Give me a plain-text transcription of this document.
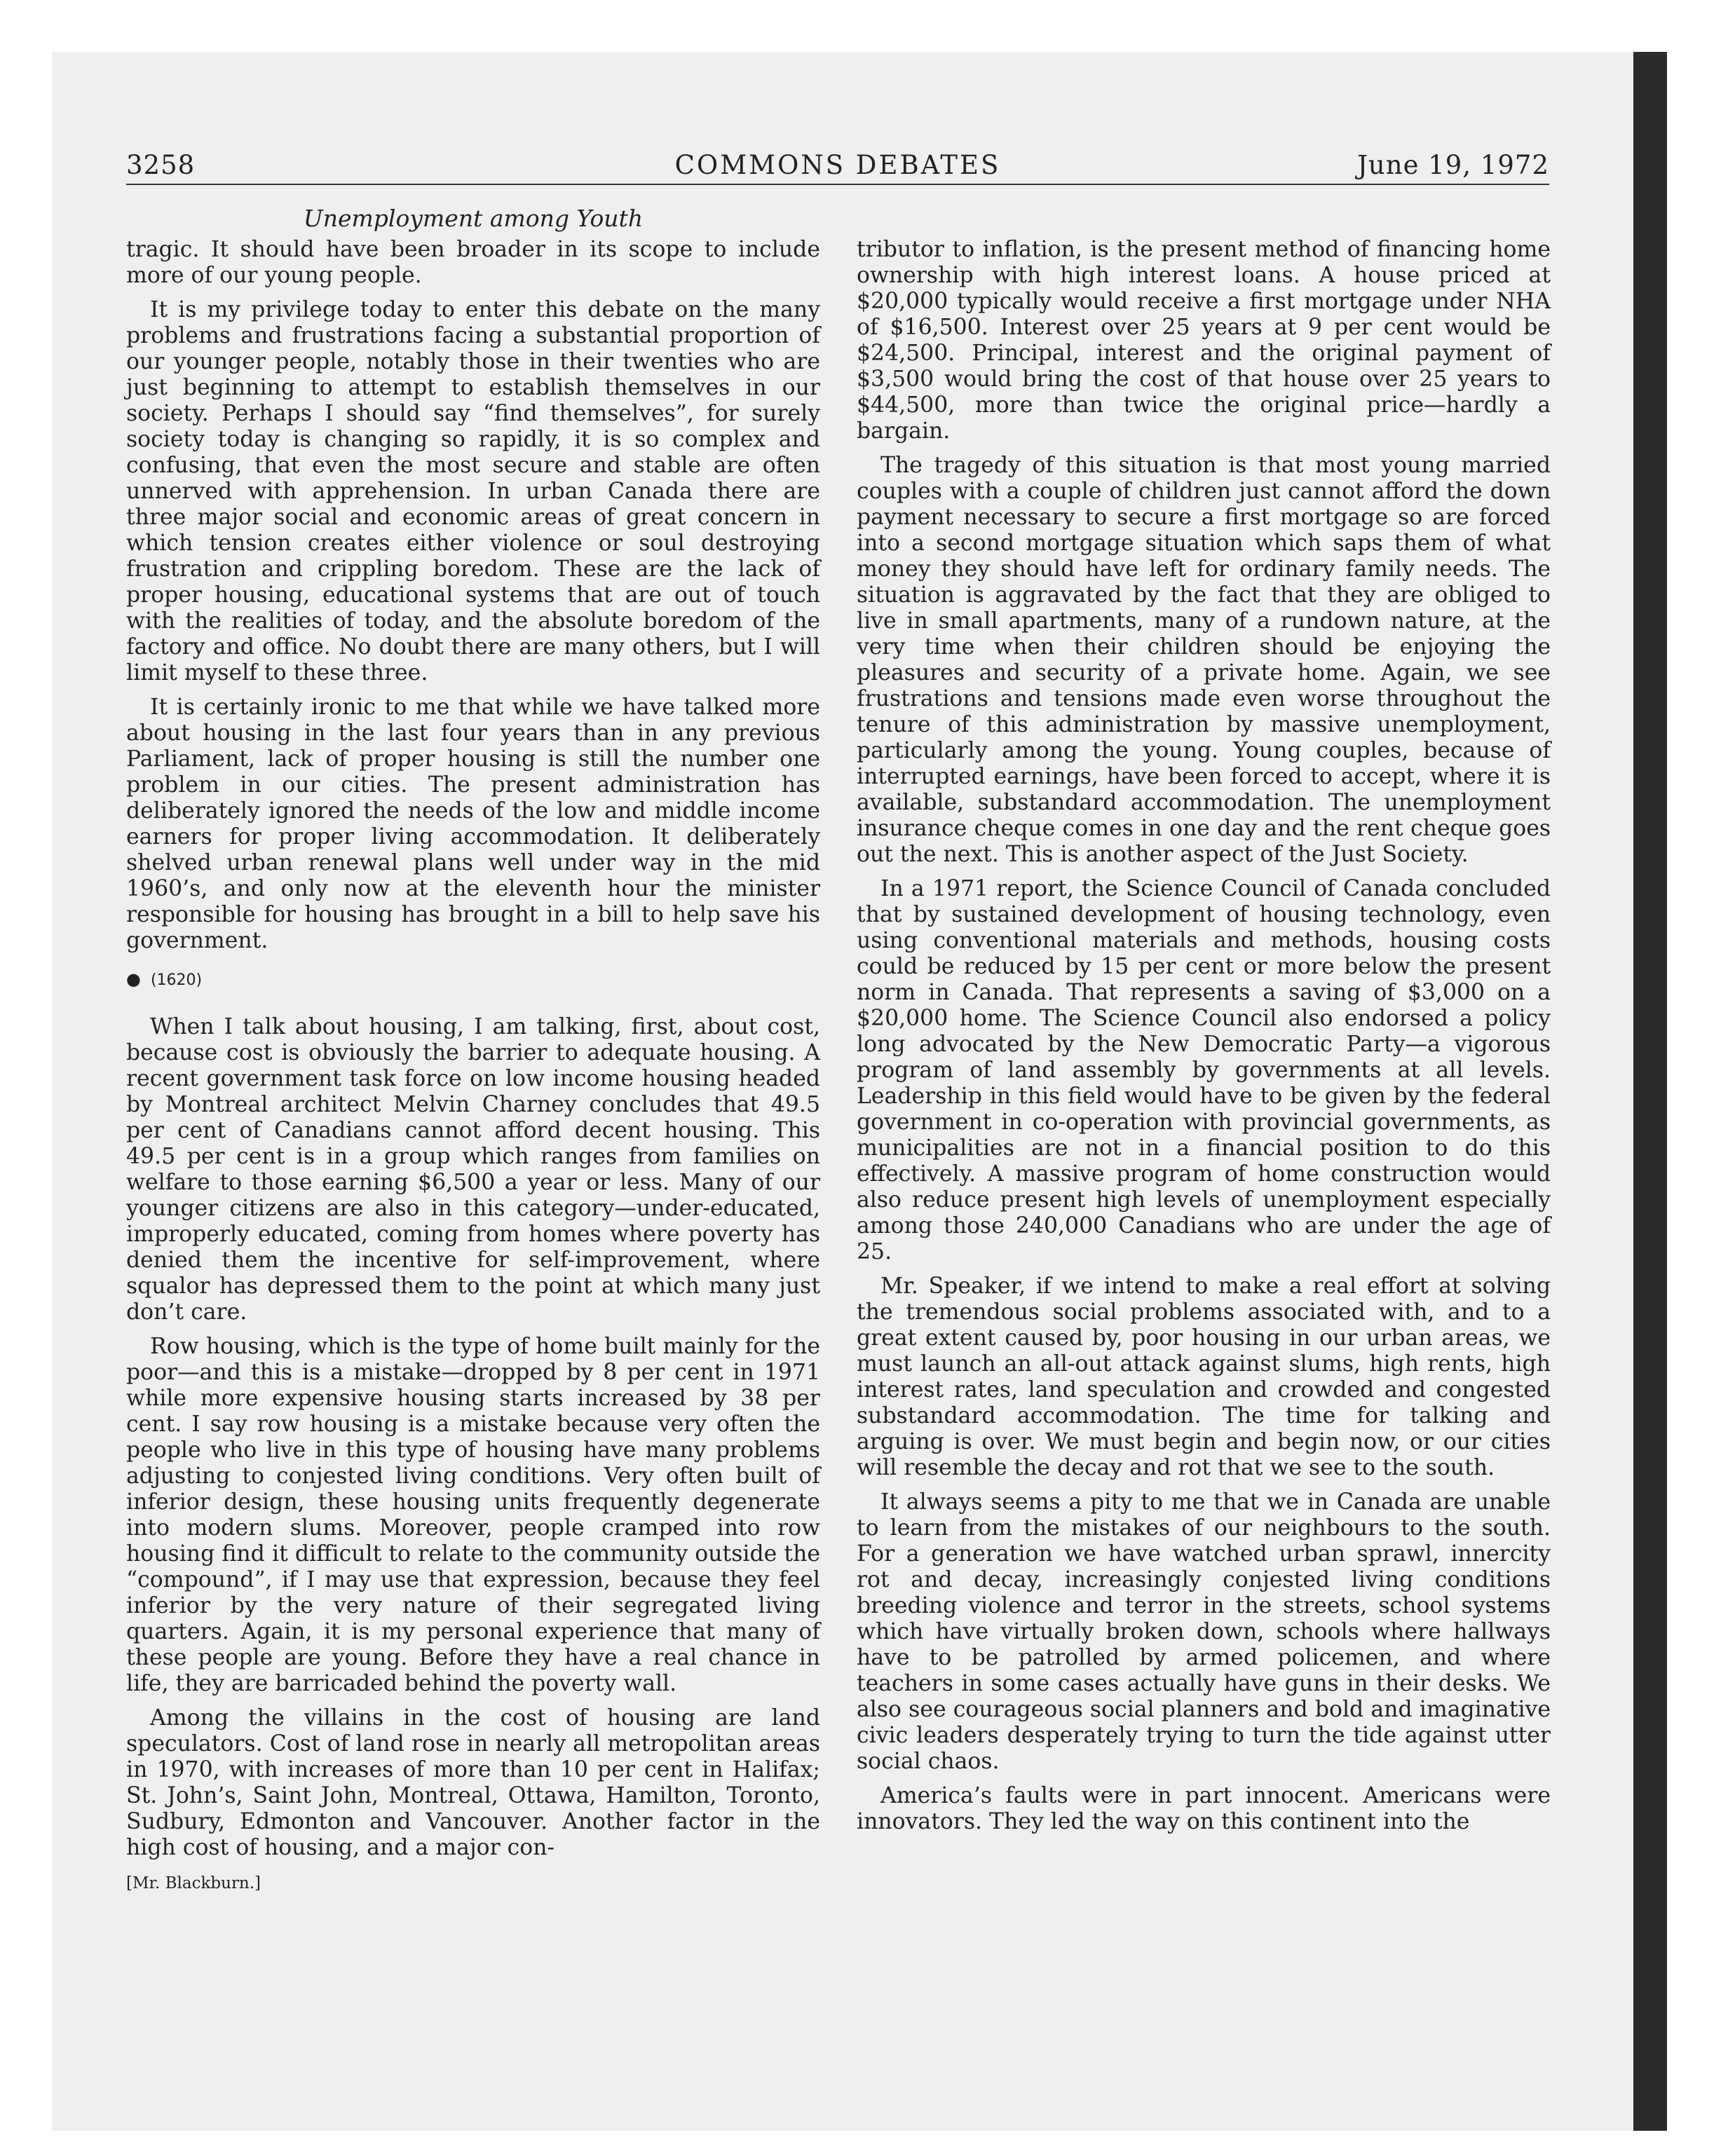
3258	COMMONS DEBATES	June 19, 1972
Unemployment among Youth

tragic. It should have been broader in its scope to include more of our young people.

It is my privilege today to enter this debate on the many problems and frustrations facing a substantial proportion of our younger people, notably those in their twenties who are just beginning to attempt to establish themselves in our society. Perhaps I should say “find themselves”, for surely society today is changing so rapidly, it is so complex and confusing, that even the most secure and stable are often unnerved with apprehension. In urban Canada there are three major social and economic areas of great concern in which tension creates either violence or soul destroying frustration and crippling boredom. These are the lack of proper housing, educational systems that are out of touch with the realities of today, and the absolute boredom of the factory and office. No doubt there are many others, but I will limit myself to these three.

It is certainly ironic to me that while we have talked more about housing in the last four years than in any previous Parliament, lack of proper housing is still the number one problem in our cities. The present administration has deliberately ignored the needs of the low and middle income earners for proper living accommodation. It deliberately shelved urban renewal plans well under way in the mid 1960’s, and only now at the eleventh hour the minister responsible for housing has brought in a bill to help save his government.

● (1620)

When I talk about housing, I am talking, first, about cost, because cost is obviously the barrier to adequate housing. A recent government task force on low income housing headed by Montreal architect Melvin Charney concludes that 49.5 per cent of Canadians cannot afford decent housing. This 49.5 per cent is in a group which ranges from families on welfare to those earning $6,500 a year or less. Many of our younger citizens are also in this category—under-educated, improperly educated, coming from homes where poverty has denied them the incentive for self-improvement, where squalor has depressed them to the point at which many just don’t care.

Row housing, which is the type of home built mainly for the poor—and this is a mistake—dropped by 8 per cent in 1971 while more expensive housing starts increased by 38 per cent. I say row housing is a mistake because very often the people who live in this type of housing have many problems adjusting to conjested living conditions. Very often built of inferior design, these housing units frequently degenerate into modern slums. Moreover, people cramped into row housing find it difficult to relate to the community outside the “compound”, if I may use that expression, because they feel inferior by the very nature of their segregated living quarters. Again, it is my personal experience that many of these people are young. Before they have a real chance in life, they are barricaded behind the poverty wall.

Among the villains in the cost of housing are land speculators. Cost of land rose in nearly all metropolitan areas in 1970, with increases of more than 10 per cent in Halifax; St. John’s, Saint John, Montreal, Ottawa, Hamilton, Toronto, Sudbury, Edmonton and Vancouver. Another factor in the high cost of housing, and a major con-

[Mr. Blackburn.]

tributor to inflation, is the present method of financing home ownership with high interest loans. A house priced at $20,000 typically would receive a first mortgage under NHA of $16,500. Interest over 25 years at 9 per cent would be $24,500. Principal, interest and the original payment of $3,500 would bring the cost of that house over 25 years to $44,500, more than twice the original price—hardly a bargain.

The tragedy of this situation is that most young married couples with a couple of children just cannot afford the down payment necessary to secure a first mortgage so are forced into a second mortgage situation which saps them of what money they should have left for ordinary family needs. The situation is aggravated by the fact that they are obliged to live in small apartments, many of a rundown nature, at the very time when their children should be enjoying the pleasures and security of a private home. Again, we see frustrations and tensions made even worse throughout the tenure of this administration by massive unemployment, particularly among the young. Young couples, because of interrupted earnings, have been forced to accept, where it is available, substandard accommodation. The unemployment insurance cheque comes in one day and the rent cheque goes out the next. This is another aspect of the Just Society.

In a 1971 report, the Science Council of Canada concluded that by sustained development of housing technology, even using conventional materials and methods, housing costs could be reduced by 15 per cent or more below the present norm in Canada. That represents a saving of $3,000 on a $20,000 home. The Science Council also endorsed a policy long advocated by the New Democratic Party—a vigorous program of land assembly by governments at all levels. Leadership in this field would have to be given by the federal government in co-operation with provincial governments, as municipalities are not in a financial position to do this effectively. A massive program of home construction would also reduce present high levels of unemployment especially among those 240,000 Canadians who are under the age of 25.

Mr. Speaker, if we intend to make a real effort at solving the tremendous social problems associated with, and to a great extent caused by, poor housing in our urban areas, we must launch an all-out attack against slums, high rents, high interest rates, land speculation and crowded and congested substandard accommodation. The time for talking and arguing is over. We must begin and begin now, or our cities will resemble the decay and rot that we see to the south.

It always seems a pity to me that we in Canada are unable to learn from the mistakes of our neighbours to the south. For a generation we have watched urban sprawl, innercity rot and decay, increasingly conjested living conditions breeding violence and terror in the streets, school systems which have virtually broken down, schools where hallways have to be patrolled by armed policemen, and where teachers in some cases actually have guns in their desks. We also see courageous social planners and bold and imaginative civic leaders desperately trying to turn the tide against utter social chaos.

America’s faults were in part innocent. Americans were innovators. They led the way on this continent into the
